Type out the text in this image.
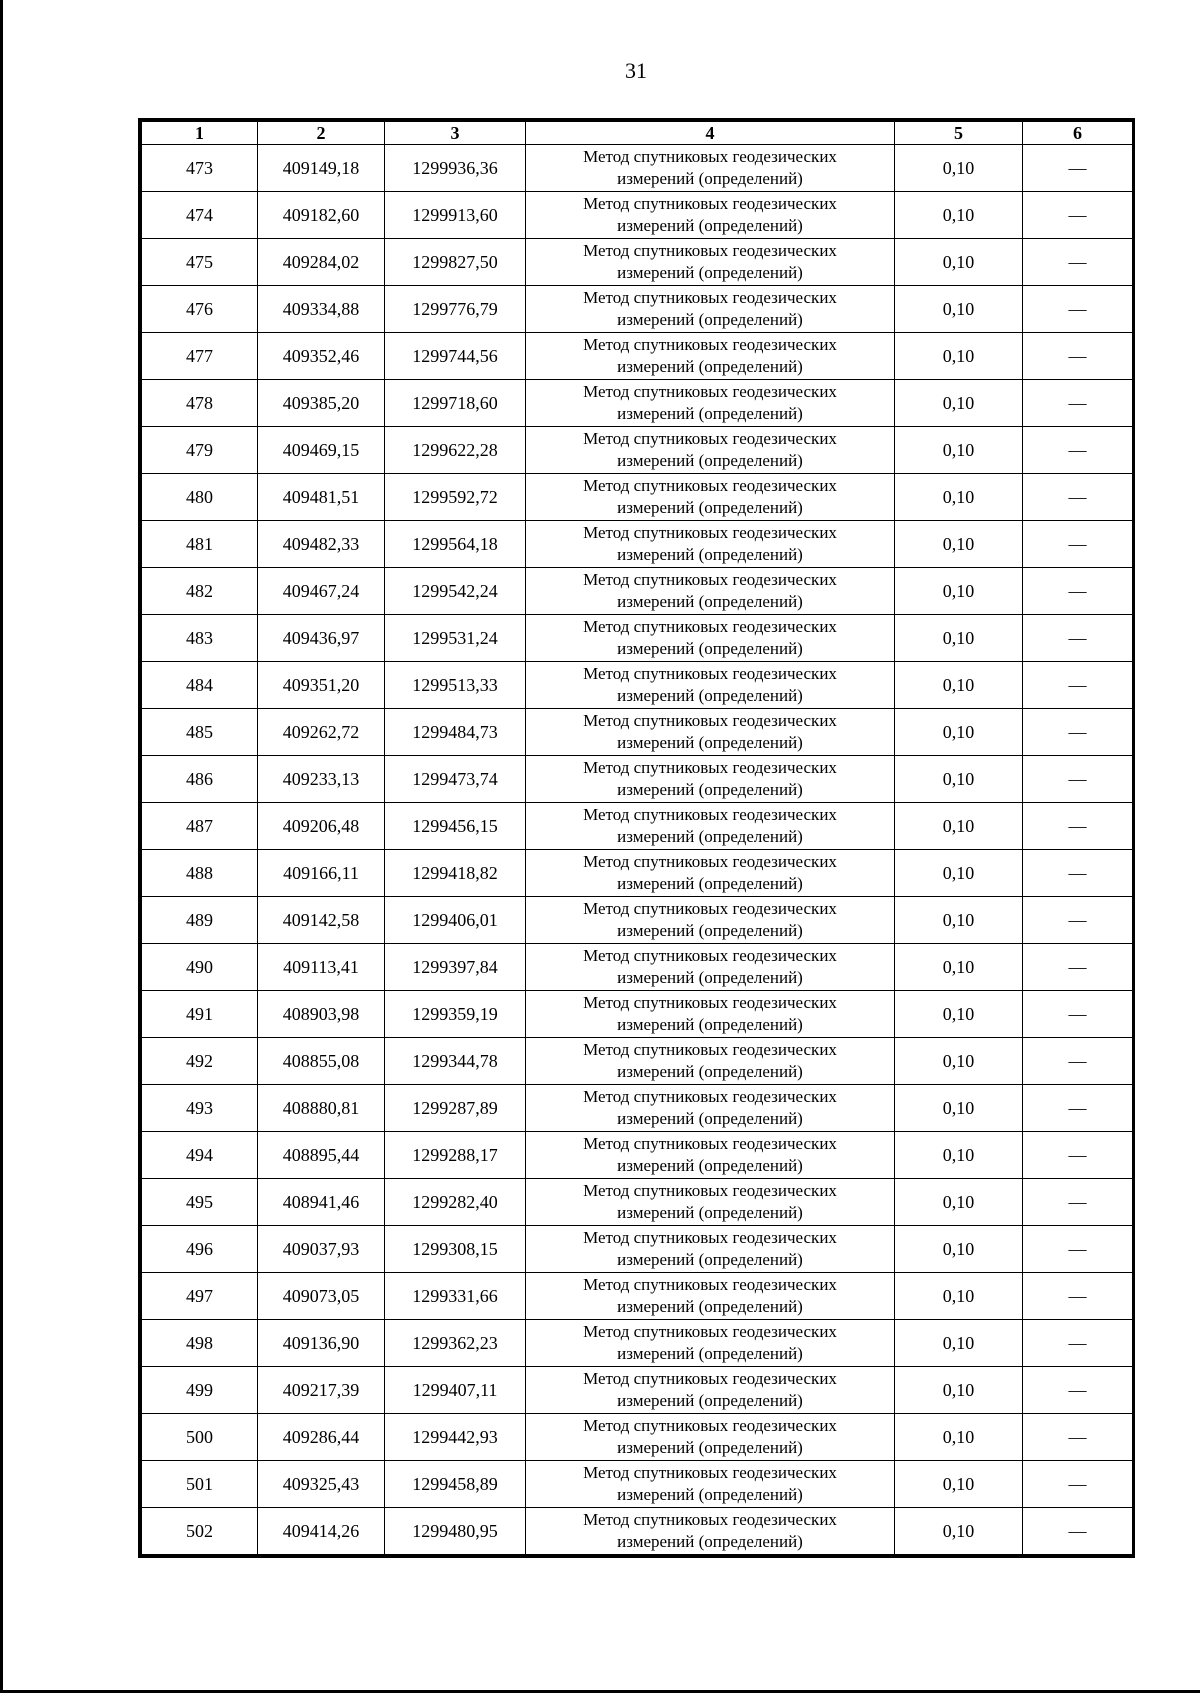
31
1	2	3	4	5	6
473	409149,18	1299936,36	Метод спутниковых геодезических
измерений (определений)	0,10	—
474	409182,60	1299913,60	Метод спутниковых геодезических
измерений (определений)	0,10	—
475	409284,02	1299827,50	Метод спутниковых геодезических
измерений (определений)	0,10	—
476	409334,88	1299776,79	Метод спутниковых геодезических
измерений (определений)	0,10	—
477	409352,46	1299744,56	Метод спутниковых геодезических
измерений (определений)	0,10	—
478	409385,20	1299718,60	Метод спутниковых геодезических
измерений (определений)	0,10	—
479	409469,15	1299622,28	Метод спутниковых геодезических
измерений (определений)	0,10	—
480	409481,51	1299592,72	Метод спутниковых геодезических
измерений (определений)	0,10	—
481	409482,33	1299564,18	Метод спутниковых геодезических
измерений (определений)	0,10	—
482	409467,24	1299542,24	Метод спутниковых геодезических
измерений (определений)	0,10	—
483	409436,97	1299531,24	Метод спутниковых геодезических
измерений (определений)	0,10	—
484	409351,20	1299513,33	Метод спутниковых геодезических
измерений (определений)	0,10	—
485	409262,72	1299484,73	Метод спутниковых геодезических
измерений (определений)	0,10	—
486	409233,13	1299473,74	Метод спутниковых геодезических
измерений (определений)	0,10	—
487	409206,48	1299456,15	Метод спутниковых геодезических
измерений (определений)	0,10	—
488	409166,11	1299418,82	Метод спутниковых геодезических
измерений (определений)	0,10	—
489	409142,58	1299406,01	Метод спутниковых геодезических
измерений (определений)	0,10	—
490	409113,41	1299397,84	Метод спутниковых геодезических
измерений (определений)	0,10	—
491	408903,98	1299359,19	Метод спутниковых геодезических
измерений (определений)	0,10	—
492	408855,08	1299344,78	Метод спутниковых геодезических
измерений (определений)	0,10	—
493	408880,81	1299287,89	Метод спутниковых геодезических
измерений (определений)	0,10	—
494	408895,44	1299288,17	Метод спутниковых геодезических
измерений (определений)	0,10	—
495	408941,46	1299282,40	Метод спутниковых геодезических
измерений (определений)	0,10	—
496	409037,93	1299308,15	Метод спутниковых геодезических
измерений (определений)	0,10	—
497	409073,05	1299331,66	Метод спутниковых геодезических
измерений (определений)	0,10	—
498	409136,90	1299362,23	Метод спутниковых геодезических
измерений (определений)	0,10	—
499	409217,39	1299407,11	Метод спутниковых геодезических
измерений (определений)	0,10	—
500	409286,44	1299442,93	Метод спутниковых геодезических
измерений (определений)	0,10	—
501	409325,43	1299458,89	Метод спутниковых геодезических
измерений (определений)	0,10	—
502	409414,26	1299480,95	Метод спутниковых геодезических
измерений (определений)	0,10	—
